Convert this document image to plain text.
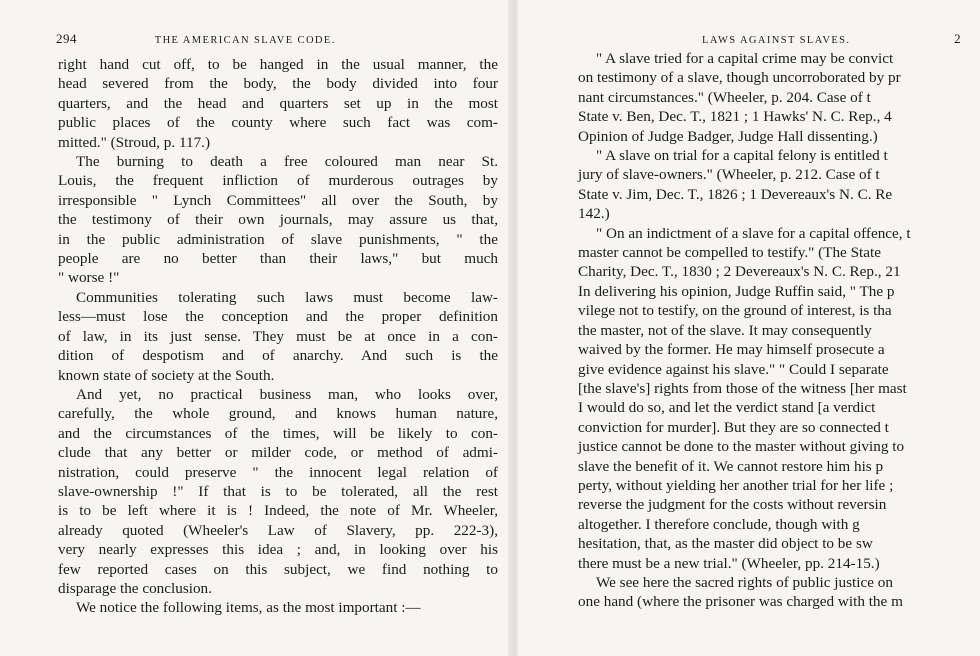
294	THE AMERICAN SLAVE CODE.
right hand cut off, to be hanged in the usual manner, the
head severed from the body, the body divided into four
quarters, and the head and quarters set up in the most
public places of the county where such fact was com-
mitted." (Stroud, p. 117.)
The burning to death a free coloured man near St.
Louis, the frequent infliction of murderous outrages by
irresponsible " Lynch Committees" all over the South, by
the testimony of their own journals, may assure us that,
in the public administration of slave punishments, " the
people are no better than their laws," but much
" worse !"
Communities tolerating such laws must become law-
less—must lose the conception and the proper definition
of law, in its just sense. They must be at once in a con-
dition of despotism and of anarchy. And such is the
known state of society at the South.
And yet, no practical business man, who looks over,
carefully, the whole ground, and knows human nature,
and the circumstances of the times, will be likely to con-
clude that any better or milder code, or method of admi-
nistration, could preserve " the innocent legal relation of
slave-ownership !" If that is to be tolerated, all the rest
is to be left where it is ! Indeed, the note of Mr. Wheeler,
already quoted (Wheeler's Law of Slavery, pp. 222-3),
very nearly expresses this idea ; and, in looking over his
few reported cases on this subject, we find nothing to
disparage the conclusion.
We notice the following items, as the most important :—
LAWS AGAINST SLAVES.	2
" A slave tried for a capital crime may be convict
on testimony of a slave, though uncorroborated by pr
nant circumstances." (Wheeler, p. 204. Case of t
State v. Ben, Dec. T., 1821 ; 1 Hawks' N. C. Rep., 4
Opinion of Judge Badger, Judge Hall dissenting.)
" A slave on trial for a capital felony is entitled t
jury of slave-owners." (Wheeler, p. 212. Case of t
State v. Jim, Dec. T., 1826 ; 1 Devereaux's N. C. Re
142.)
" On an indictment of a slave for a capital offence, t
master cannot be compelled to testify." (The State
Charity, Dec. T., 1830 ; 2 Devereaux's N. C. Rep., 21
In delivering his opinion, Judge Ruffin said, " The p
vilege not to testify, on the ground of interest, is tha
the master, not of the slave. It may consequently
waived by the former. He may himself prosecute a
give evidence against his slave." " Could I separate
[the slave's] rights from those of the witness [her mast
I would do so, and let the verdict stand [a verdict
conviction for murder]. But they are so connected t
justice cannot be done to the master without giving to
slave the benefit of it. We cannot restore him his p
perty, without yielding her another trial for her life ;
reverse the judgment for the costs without reversin
altogether. I therefore conclude, though with g
hesitation, that, as the master did object to be sw
there must be a new trial." (Wheeler, pp. 214-15.)
We see here the sacred rights of public justice on
one hand (where the prisoner was charged with the m
